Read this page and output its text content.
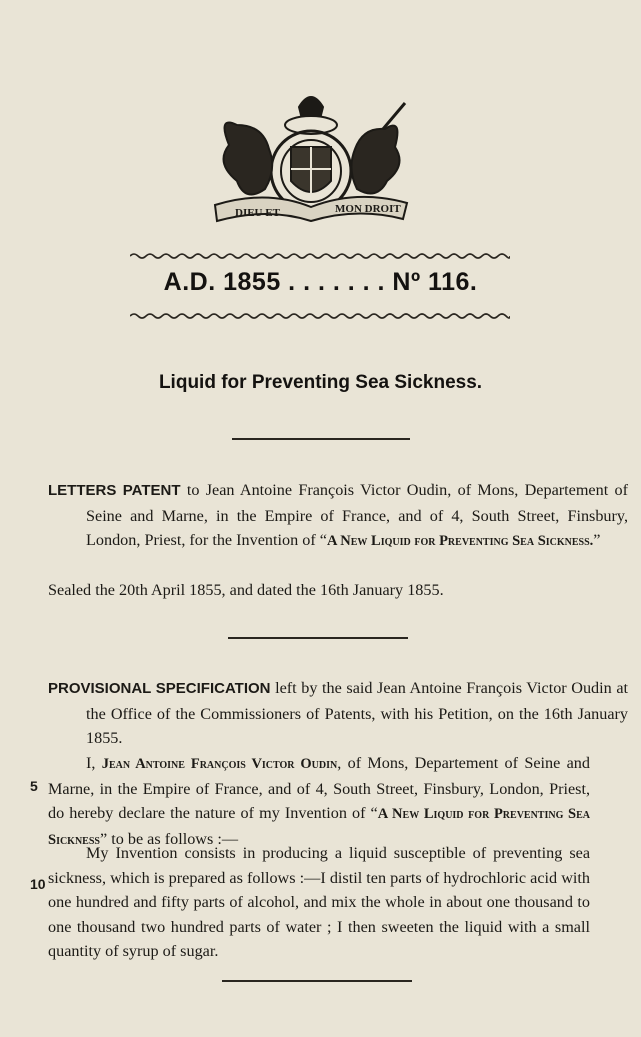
DIEU ET	MON DROIT
A.D. 1855 . . . . . . . Nº 116.
Liquid for Preventing Sea Sickness.
LETTERS PATENT to Jean Antoine François Victor Oudin, of Mons, Departement of Seine and Marne, in the Empire of France, and of 4, South Street, Finsbury, London, Priest, for the Invention of “A New Liquid for Preventing Sea Sickness.”
Sealed the 20th April 1855, and dated the 16th January 1855.
PROVISIONAL SPECIFICATION left by the said Jean Antoine François Victor Oudin at the Office of the Commissioners of Patents, with his Petition, on the 16th January 1855.
I, Jean Antoine François Victor Oudin, of Mons, Departement of Seine and Marne, in the Empire of France, and of 4, South Street, Finsbury, London, Priest, do hereby declare the nature of my Invention of “A New Liquid for Preventing Sea Sickness” to be as follows :—
My Invention consists in producing a liquid susceptible of preventing sea sickness, which is prepared as follows :—I distil ten parts of hydrochloric acid with one hundred and fifty parts of alcohol, and mix the whole in about one thousand to one thousand two hundred parts of water ; I then sweeten the liquid with a small quantity of syrup of sugar.
5
10
